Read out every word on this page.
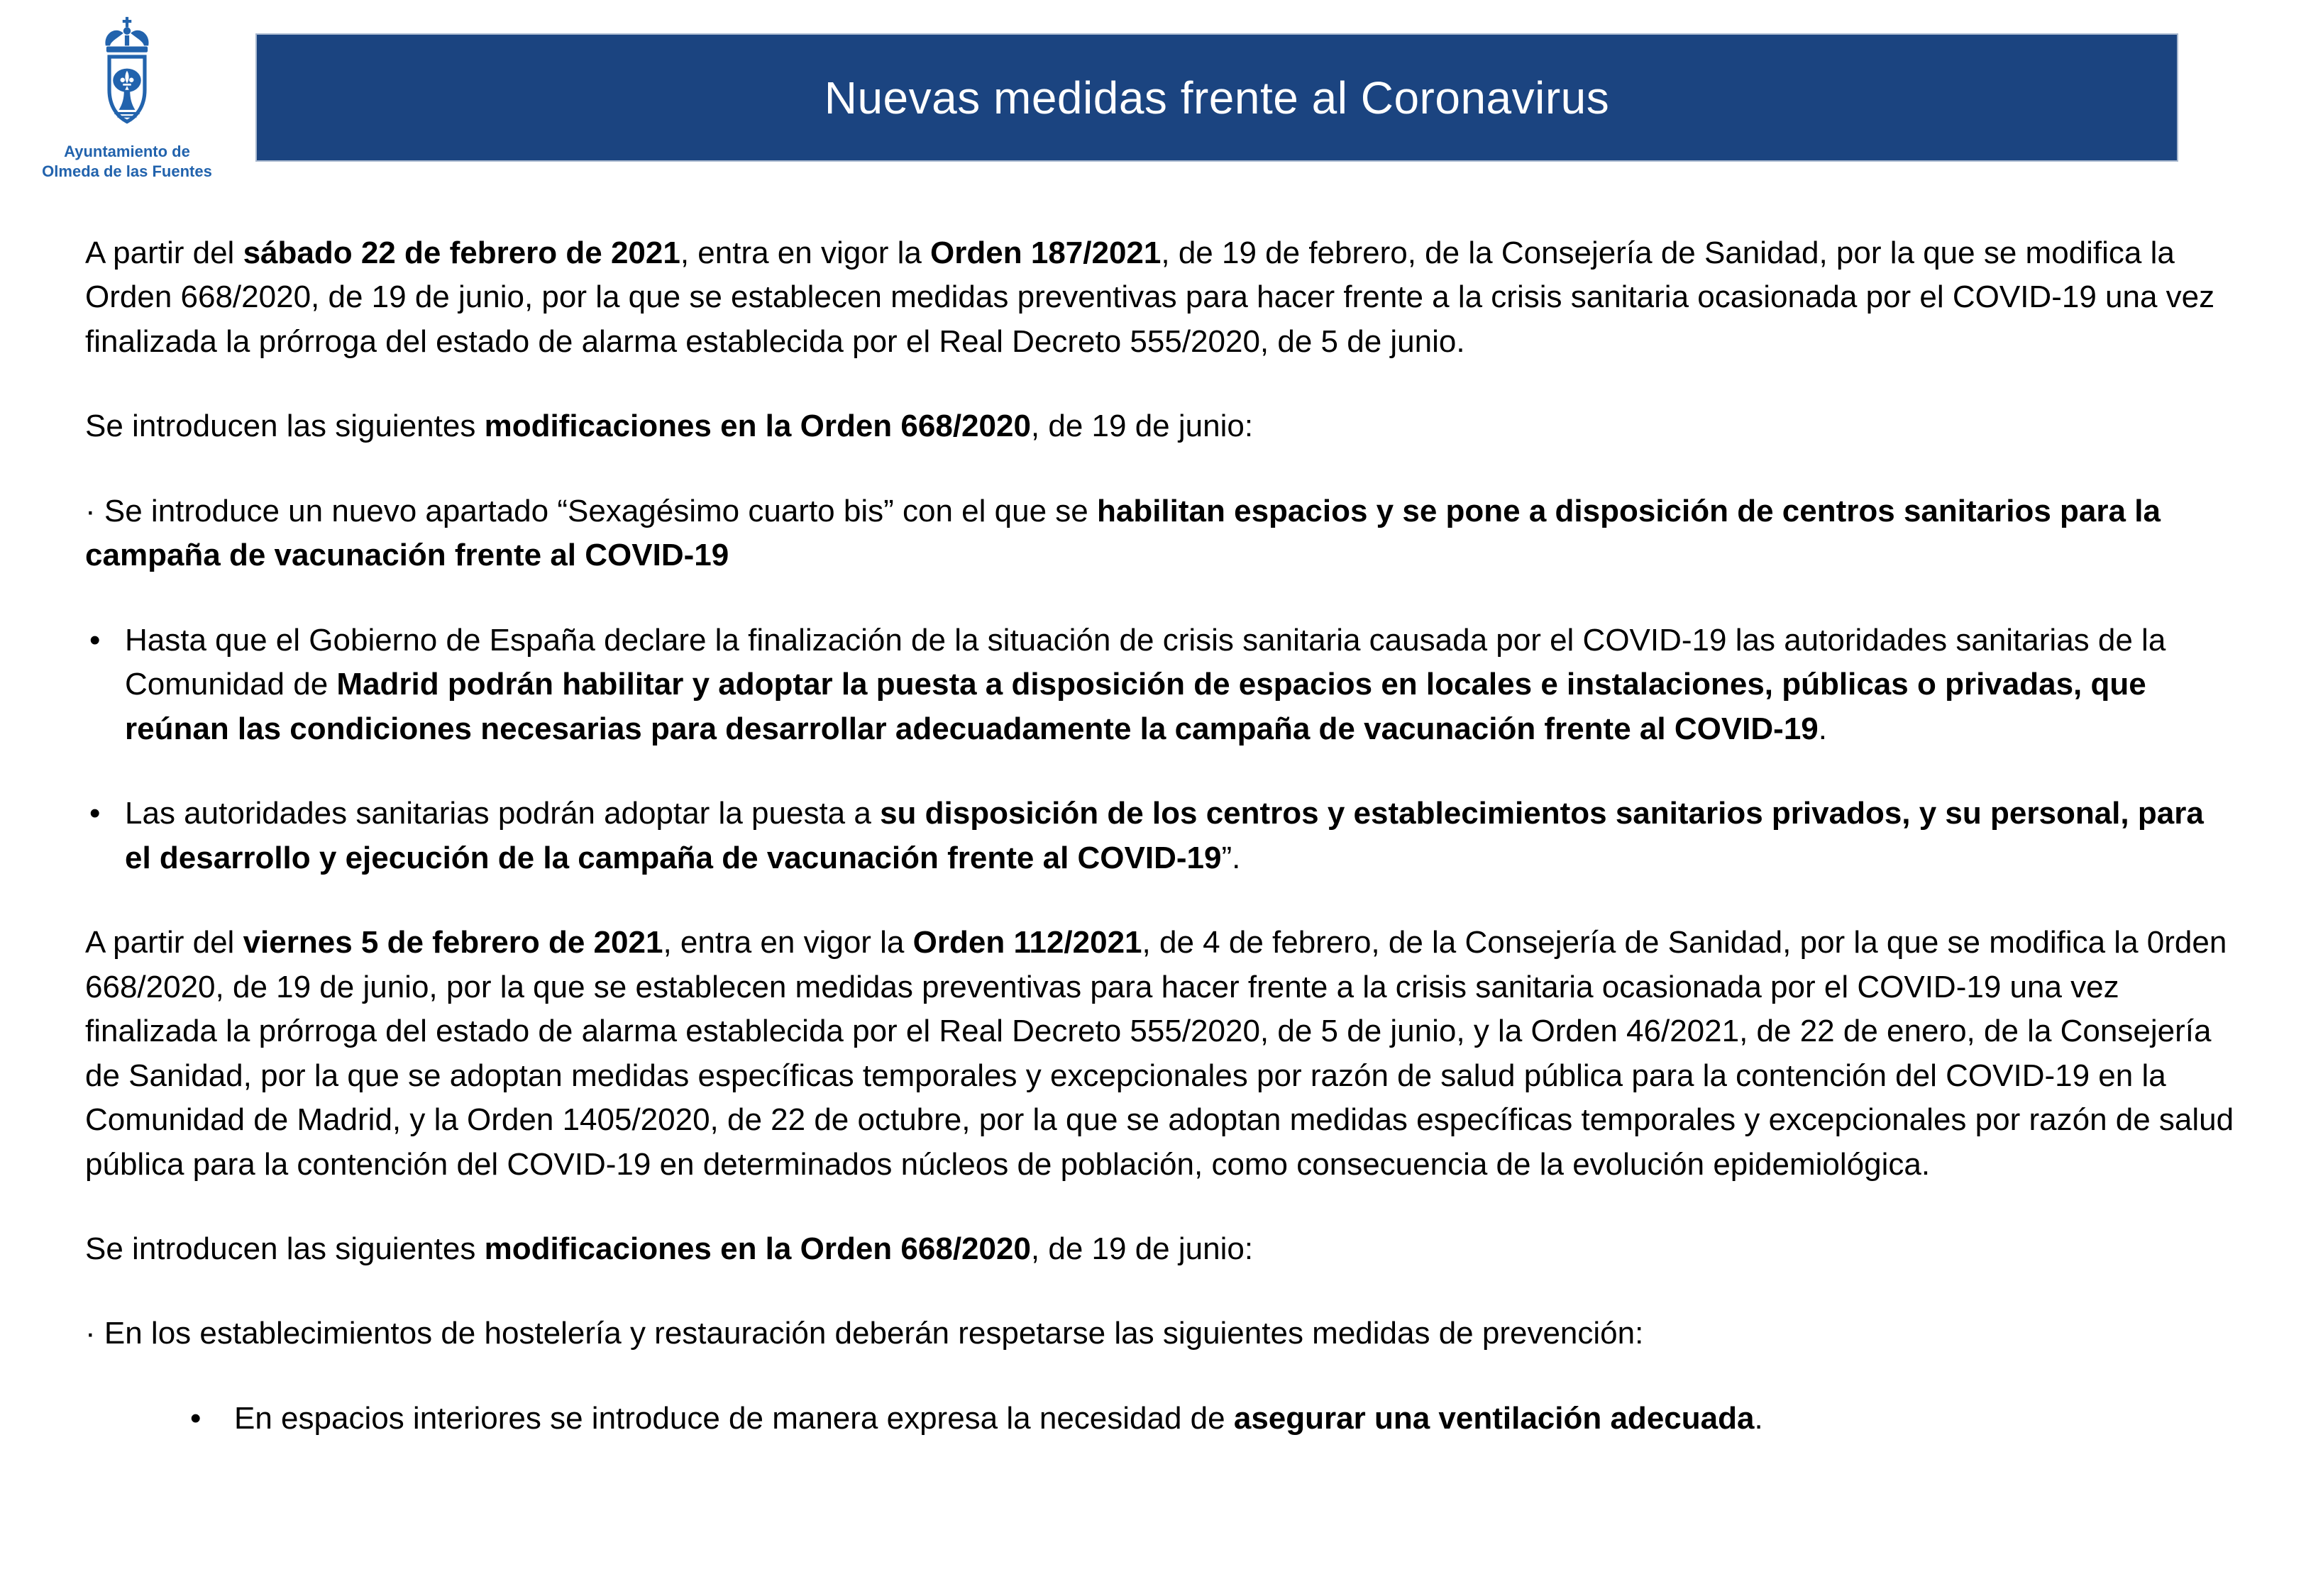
Ayuntamiento de
Olmeda de las Fuentes
Nuevas medidas frente al Coronavirus
A partir del sábado 22 de febrero de 2021, entra en vigor la Orden 187/2021, de 19 de febrero, de la Consejería de Sanidad, por la que se modifica la Orden 668/2020, de 19 de junio, por la que se establecen medidas preventivas para hacer frente a la crisis sanitaria ocasionada por el COVID-19 una vez finalizada la prórroga del estado de alarma establecida por el Real Decreto 555/2020, de 5 de junio.
Se introducen las siguientes modificaciones en la Orden 668/2020, de 19 de junio:
· Se introduce un nuevo apartado “Sexagésimo cuarto bis” con el que se habilitan espacios y se pone a disposición de centros sanitarios para la campaña de vacunación frente al COVID-19
• Hasta que el Gobierno de España declare la finalización de la situación de crisis sanitaria causada por el COVID-19 las autoridades sanitarias de la Comunidad de Madrid podrán habilitar y adoptar la puesta a disposición de espacios en locales e instalaciones, públicas o privadas, que reúnan las condiciones necesarias para desarrollar adecuadamente la campaña de vacunación frente al COVID-19.
• Las autoridades sanitarias podrán adoptar la puesta a su disposición de los centros y establecimientos sanitarios privados, y su personal, para el desarrollo y ejecución de la campaña de vacunación frente al COVID-19”.
A partir del viernes 5 de febrero de 2021, entra en vigor la Orden 112/2021, de 4 de febrero, de la Consejería de Sanidad, por la que se modifica la 0rden 668/2020, de 19 de junio, por la que se establecen medidas preventivas para hacer frente a la crisis sanitaria ocasionada por el COVID-19 una vez finalizada la prórroga del estado de alarma establecida por el Real Decreto 555/2020, de 5 de junio, y la Orden 46/2021, de 22 de enero, de la Consejería de Sanidad, por la que se adoptan medidas específicas temporales y excepcionales por razón de salud pública para la contención del COVID-19 en la Comunidad de Madrid, y la Orden 1405/2020, de 22 de octubre, por la que se adoptan medidas específicas temporales y excepcionales por razón de salud pública para la contención del COVID-19 en determinados núcleos de población, como consecuencia de la evolución epidemiológica.
Se introducen las siguientes modificaciones en la Orden 668/2020, de 19 de junio:
· En los establecimientos de hostelería y restauración deberán respetarse las siguientes medidas de prevención:
•	En espacios interiores se introduce de manera expresa la necesidad de asegurar una ventilación adecuada.
